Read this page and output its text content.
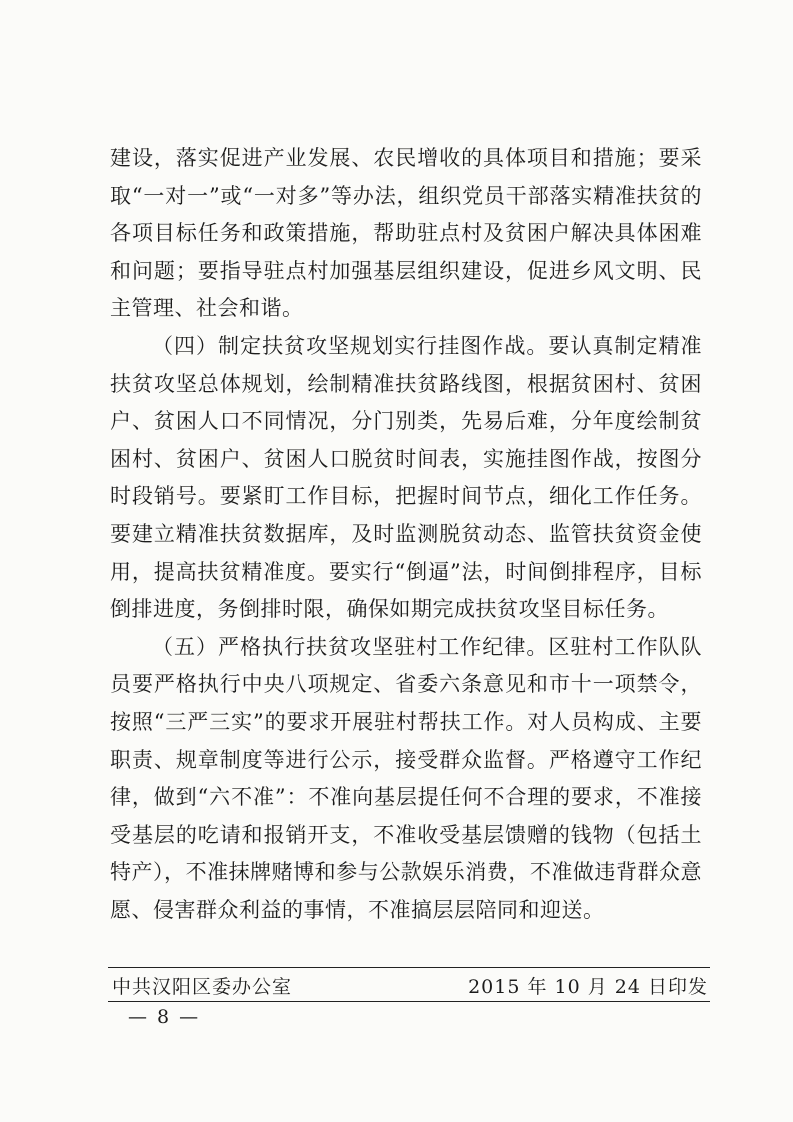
建设，落实促进产业发展、农民增收的具体项目和措施；要采取“一对一”或“一对多”等办法，组织党员干部落实精准扶贫的各项目标任务和政策措施，帮助驻点村及贫困户解决具体困难和问题；要指导驻点村加强基层组织建设，促进乡风文明、民主管理、社会和谐。

（四）制定扶贫攻坚规划实行挂图作战。要认真制定精准扶贫攻坚总体规划，绘制精准扶贫路线图，根据贫困村、贫困户、贫困人口不同情况，分门别类，先易后难，分年度绘制贫困村、贫困户、贫困人口脱贫时间表，实施挂图作战，按图分时段销号。要紧盯工作目标，把握时间节点，细化工作任务。要建立精准扶贫数据库，及时监测脱贫动态、监管扶贫资金使用，提高扶贫精准度。要实行“倒逼”法，时间倒排程序，目标倒排进度，务倒排时限，确保如期完成扶贫攻坚目标任务。

（五）严格执行扶贫攻坚驻村工作纪律。区驻村工作队队员要严格执行中央八项规定、省委六条意见和市十一项禁令，按照“三严三实”的要求开展驻村帮扶工作。对人员构成、主要职责、规章制度等进行公示，接受群众监督。严格遵守工作纪律，做到“六不准”：不准向基层提任何不合理的要求，不准接受基层的吃请和报销开支，不准收受基层馈赠的钱物（包括土特产），不准抹牌赌博和参与公款娱乐消费，不准做违背群众意愿、侵害群众利益的事情，不准搞层层陪同和迎送。

中共汉阳区委办公室	2015 年 10 月 24 日印发
— 8 —
